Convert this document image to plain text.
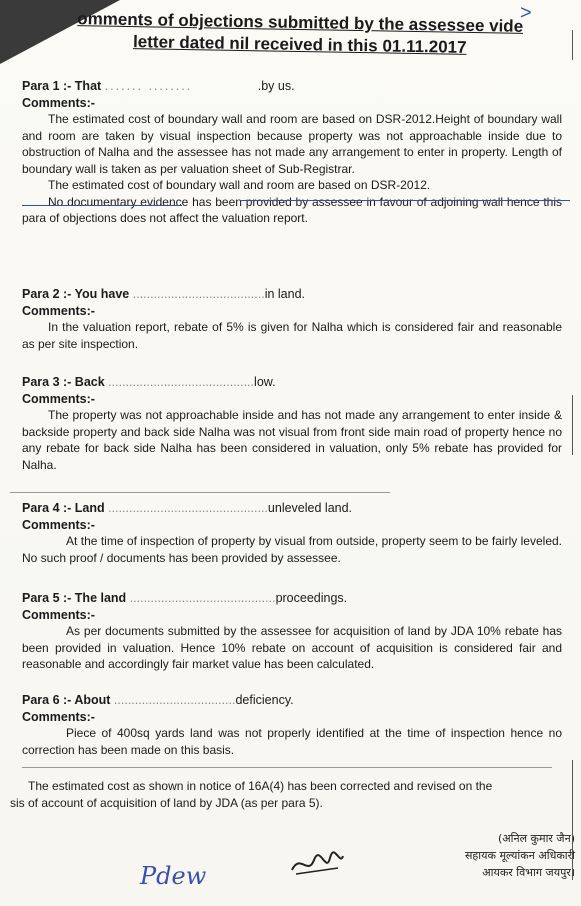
>
omments of objections submitted by the assessee vide
letter dated nil received in this 01.11.2017
Para 1 :- That ....... ........	.by us.
Comments:-
The estimated cost of boundary wall and room are based on DSR-2012.Height of boundary wall and room are taken by visual inspection because property was not approachable inside due to obstruction of Nalha and the assessee has not made any arrangement to enter in property. Length of boundary wall is taken as per valuation sheet of Sub-Registrar.
The estimated cost of boundary wall and room are based on DSR-2012.
No documentary evidence has been provided by assessee in favour of adjoining wall hence this para of objections does not affect the valuation report.
Para 2 :- You have ......................................in land.
Comments:-
In the valuation report, rebate of 5% is given for Nalha which is considered fair and reasonable as per site inspection.
Para 3 :- Back ..........................................low.
Comments:-
The property was not approachable inside and has not made any arrangement to enter inside & backside property and back side Nalha was not visual from front side main road of property hence no any rebate for back side Nalha has been considered in valuation, only 5% rebate has provided for Nalha.
Para 4 :- Land ..............................................unleveled land.
Comments:-
At the time of inspection of property by visual from outside, property seem to be fairly leveled. No such proof / documents has been provided by assessee.
Para 5 :- The land ..........................................proceedings.
Comments:-
As per documents submitted by the assessee for acquisition of land by JDA 10% rebate has been provided in valuation. Hence 10% rebate on account of acquisition is considered fair and reasonable and accordingly fair market value has been calculated.
Para 6 :- About ...................................deficiency.
Comments:-
Piece of 400sq yards land was not properly identified at the time of inspection hence no correction has been made on this basis.
The estimated cost as shown in notice of 16A(4) has been corrected and revised on the
sis of account of acquisition of land by JDA (as per para 5).
Pdew
(अनिल कुमार जैन)
सहायक मूल्यांकन अधिकारी
आयकर विभाग जयपुर।
